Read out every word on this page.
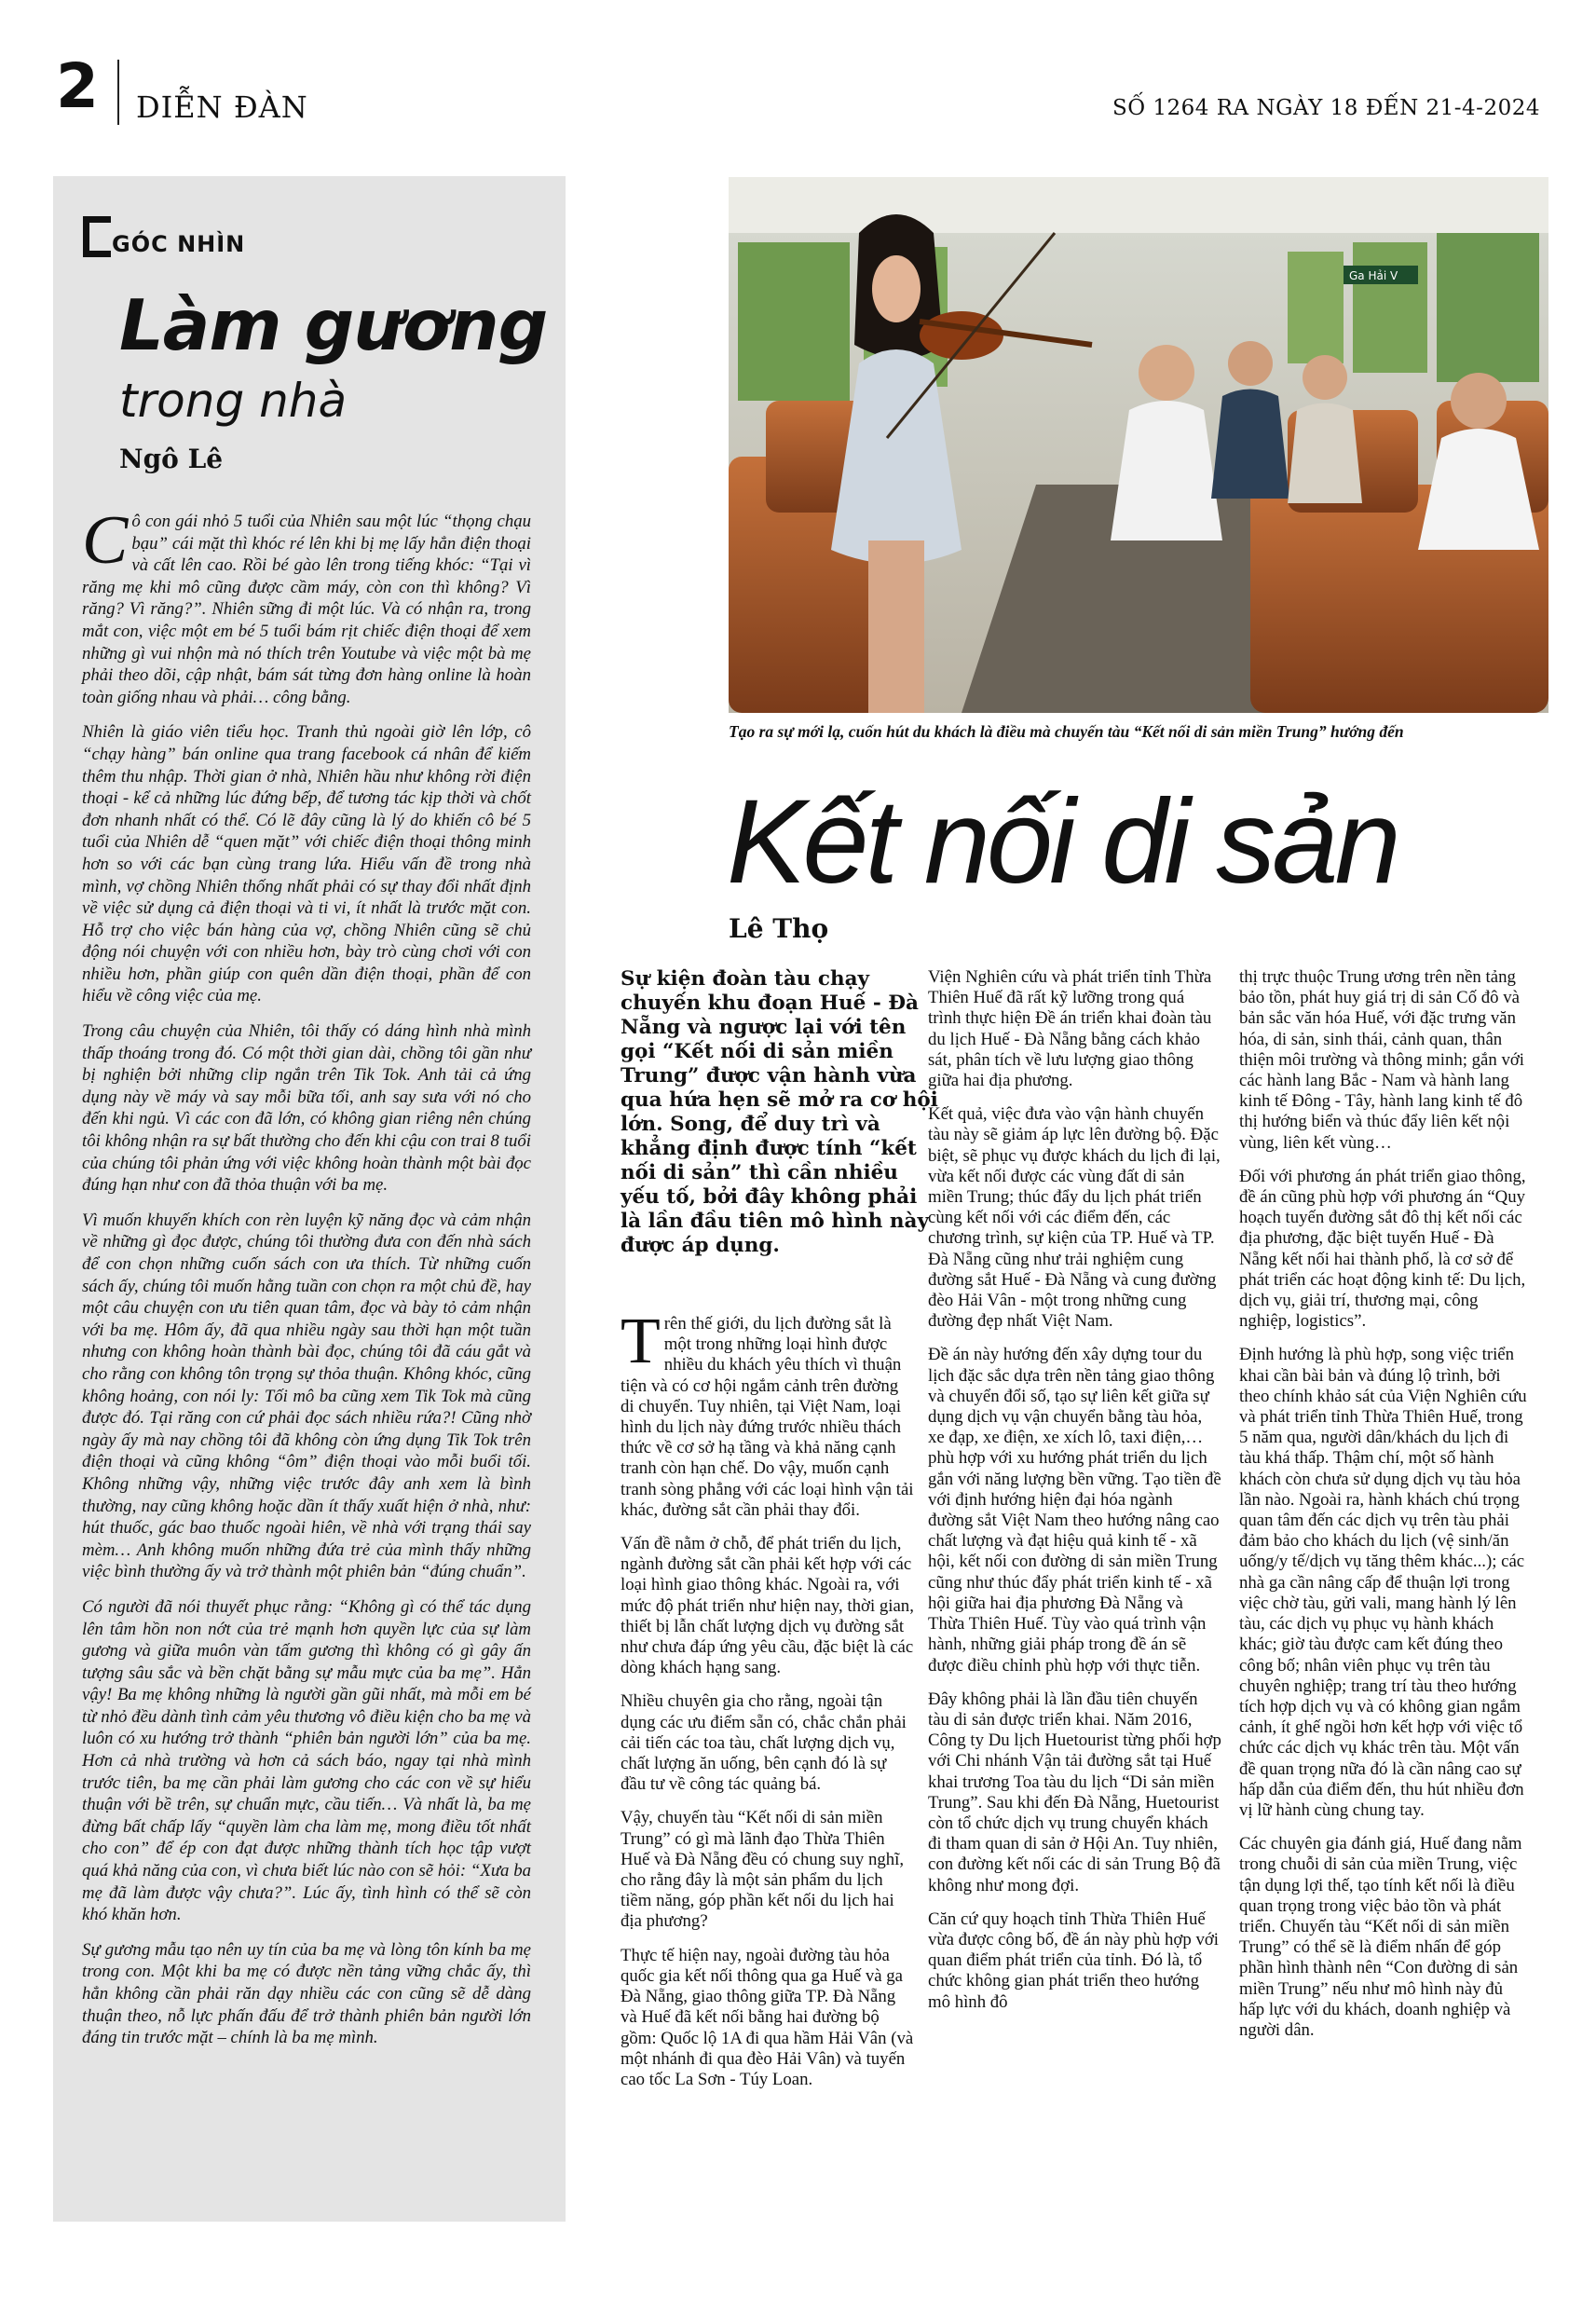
2 DIỄN ĐÀN	SỐ 1264 RA NGÀY 18 ĐẾN 21-4-2024
GÓC NHÌN
Làm gương
trong nhà
Ngô Lê

Cô con gái nhỏ 5 tuổi của Nhiên sau một lúc “thọng chạu bạu” cái mặt thì khóc ré lên khi bị mẹ lấy hẳn điện thoại và cất lên cao. Rồi bé gào lên trong tiếng khóc: “Tại vì răng mẹ khi mô cũng được cầm máy, còn con thì không? Vì răng? Vì răng?”. Nhiên sững đi một lúc. Và có nhận ra, trong mắt con, việc một em bé 5 tuổi bám rịt chiếc điện thoại để xem những gì vui nhộn mà nó thích trên Youtube và việc một bà mẹ phải theo dõi, cập nhật, bám sát từng đơn hàng online là hoàn toàn giống nhau và phải… công bằng.

Nhiên là giáo viên tiểu học. Tranh thủ ngoài giờ lên lớp, cô “chạy hàng” bán online qua trang facebook cá nhân để kiếm thêm thu nhập. Thời gian ở nhà, Nhiên hầu như không rời điện thoại - kể cả những lúc đứng bếp, để tương tác kịp thời và chốt đơn nhanh nhất có thể. Có lẽ đây cũng là lý do khiến cô bé 5 tuổi của Nhiên dễ “quen mặt” với chiếc điện thoại thông minh hơn so với các bạn cùng trang lứa. Hiểu vấn đề trong nhà mình, vợ chồng Nhiên thống nhất phải có sự thay đổi nhất định về việc sử dụng cả điện thoại và ti vi, ít nhất là trước mặt con. Hỗ trợ cho việc bán hàng của vợ, chồng Nhiên cũng sẽ chủ động nói chuyện với con nhiều hơn, bày trò cùng chơi với con nhiều hơn, phần giúp con quên dần điện thoại, phần để con hiểu về công việc của mẹ.

Trong câu chuyện của Nhiên, tôi thấy có dáng hình nhà mình thấp thoáng trong đó. Có một thời gian dài, chồng tôi gần như bị nghiện bởi những clip ngắn trên Tik Tok. Anh tải cả ứng dụng này về máy và say mỗi bữa tối, anh say sưa với nó cho đến khi ngủ. Vì các con đã lớn, có không gian riêng nên chúng tôi không nhận ra sự bất thường cho đến khi cậu con trai 8 tuổi của chúng tôi phản ứng với việc không hoàn thành một bài đọc đúng hạn như con đã thỏa thuận với ba mẹ.

Vì muốn khuyến khích con rèn luyện kỹ năng đọc và cảm nhận về những gì đọc được, chúng tôi thường đưa con đến nhà sách để con chọn những cuốn sách con ưa thích. Từ những cuốn sách ấy, chúng tôi muốn hằng tuần con chọn ra một chủ đề, hay một câu chuyện con ưu tiên quan tâm, đọc và bày tỏ cảm nhận với ba mẹ. Hôm ấy, đã qua nhiều ngày sau thời hạn một tuần nhưng con không hoàn thành bài đọc, chúng tôi đã cáu gắt và cho rằng con không tôn trọng sự thỏa thuận. Không khóc, cũng không hoảng, con nói ly: Tối mô ba cũng xem Tik Tok mà cũng được đó. Tại răng con cứ phải đọc sách nhiều rứa?! Cũng nhờ ngày ấy mà nay chồng tôi đã không còn ứng dụng Tik Tok trên điện thoại và cũng không “ôm” điện thoại vào mỗi buổi tối. Không những vậy, những việc trước đây anh xem là bình thường, nay cũng không hoặc dần ít thấy xuất hiện ở nhà, như: hút thuốc, gác bao thuốc ngoài hiên, về nhà với trạng thái say mèm… Anh không muốn những đứa trẻ của mình thấy những việc bình thường ấy và trở thành một phiên bản “đúng chuẩn”.

Có người đã nói thuyết phục rằng: “Không gì có thể tác dụng lên tâm hồn non nớt của trẻ mạnh hơn quyền lực của sự làm gương và giữa muôn vàn tấm gương thì không có gì gây ấn tượng sâu sắc và bền chặt bằng sự mẫu mực của ba mẹ”. Hẳn vậy! Ba mẹ không những là người gần gũi nhất, mà mỗi em bé từ nhỏ đều dành tình cảm yêu thương vô điều kiện cho ba mẹ và luôn có xu hướng trở thành “phiên bản người lớn” của ba mẹ. Hơn cả nhà trường và hơn cả sách báo, ngay tại nhà mình trước tiên, ba mẹ cần phải làm gương cho các con về sự hiểu thuận với bề trên, sự chuẩn mực, cầu tiến… Và nhất là, ba mẹ đừng bất chấp lấy “quyền làm cha làm mẹ, mong điều tốt nhất cho con” để ép con đạt được những thành tích học tập vượt quá khả năng của con, vì chưa biết lúc nào con sẽ hỏi: “Xưa ba mẹ đã làm được vậy chưa?”. Lúc ấy, tình hình có thể sẽ còn khó khăn hơn.

Sự gương mẫu tạo nên uy tín của ba mẹ và lòng tôn kính ba mẹ trong con. Một khi ba mẹ có được nền tảng vững chắc ấy, thì hẳn không cần phải răn dạy nhiều các con cũng sẽ dễ dàng thuận theo, nỗ lực phấn đấu để trở thành phiên bản người lớn đáng tin trước mặt – chính là ba mẹ mình.

Ga Hải V
Tạo ra sự mới lạ, cuốn hút du khách là điều mà chuyến tàu “Kết nối di sản miền Trung” hướng đến
Kết nối di sản
Lê Thọ
Sự kiện đoàn tàu chạy chuyến khu đoạn Huế - Đà Nẵng và ngược lại với tên gọi “Kết nối di sản miền Trung” được vận hành vừa qua hứa hẹn sẽ mở ra cơ hội lớn. Song, để duy trì và khẳng định được tính “kết nối di sản” thì cần nhiều yếu tố, bởi đây không phải là lần đầu tiên mô hình này được áp dụng.

Trên thế giới, du lịch đường sắt là một trong những loại hình được nhiều du khách yêu thích vì thuận tiện và có cơ hội ngắm cảnh trên đường di chuyển. Tuy nhiên, tại Việt Nam, loại hình du lịch này đứng trước nhiều thách thức về cơ sở hạ tầng và khả năng cạnh tranh còn hạn chế. Do vậy, muốn cạnh tranh sòng phẳng với các loại hình vận tải khác, đường sắt cần phải thay đổi.

Vấn đề nằm ở chỗ, để phát triển du lịch, ngành đường sắt cần phải kết hợp với các loại hình giao thông khác. Ngoài ra, với mức độ phát triển như hiện nay, thời gian, thiết bị lẫn chất lượng dịch vụ đường sắt như chưa đáp ứng yêu cầu, đặc biệt là các dòng khách hạng sang.

Nhiều chuyên gia cho rằng, ngoài tận dụng các ưu điểm sẵn có, chắc chắn phải cải tiến các toa tàu, chất lượng dịch vụ, chất lượng ăn uống, bên cạnh đó là sự đầu tư về công tác quảng bá.

Vậy, chuyến tàu “Kết nối di sản miền Trung” có gì mà lãnh đạo Thừa Thiên Huế và Đà Nẵng đều có chung suy nghĩ, cho rằng đây là một sản phẩm du lịch tiềm năng, góp phần kết nối du lịch hai địa phương?

Thực tế hiện nay, ngoài đường tàu hỏa quốc gia kết nối thông qua ga Huế và ga Đà Nẵng, giao thông giữa TP. Đà Nẵng và Huế đã kết nối bằng hai đường bộ gồm: Quốc lộ 1A đi qua hầm Hải Vân (và một nhánh đi qua đèo Hải Vân) và tuyến cao tốc La Sơn - Túy Loan.

Viện Nghiên cứu và phát triển tỉnh Thừa Thiên Huế đã rất kỹ lưỡng trong quá trình thực hiện Đề án triển khai đoàn tàu du lịch Huế - Đà Nẵng bằng cách khảo sát, phân tích về lưu lượng giao thông giữa hai địa phương.

Kết quả, việc đưa vào vận hành chuyến tàu này sẽ giảm áp lực lên đường bộ. Đặc biệt, sẽ phục vụ được khách du lịch đi lại, vừa kết nối được các vùng đất di sản miền Trung; thúc đẩy du lịch phát triển cùng kết nối với các điểm đến, các chương trình, sự kiện của TP. Huế và TP. Đà Nẵng cũng như trải nghiệm cung đường sắt Huế - Đà Nẵng và cung đường đèo Hải Vân - một trong những cung đường đẹp nhất Việt Nam.

Đề án này hướng đến xây dựng tour du lịch đặc sắc dựa trên nền tảng giao thông và chuyển đổi số, tạo sự liên kết giữa sự dụng dịch vụ vận chuyển bằng tàu hỏa, xe đạp, xe điện, xe xích lô, taxi điện,… phù hợp với xu hướng phát triển du lịch gắn với năng lượng bền vững. Tạo tiền đề với định hướng hiện đại hóa ngành đường sắt Việt Nam theo hướng nâng cao chất lượng và đạt hiệu quả kinh tế - xã hội, kết nối con đường di sản miền Trung cũng như thúc đẩy phát triển kinh tế - xã hội giữa hai địa phương Đà Nẵng và Thừa Thiên Huế. Tùy vào quá trình vận hành, những giải pháp trong đề án sẽ được điều chỉnh phù hợp với thực tiễn.

Đây không phải là lần đầu tiên chuyến tàu di sản được triển khai. Năm 2016, Công ty Du lịch Huetourist từng phối hợp với Chi nhánh Vận tải đường sắt tại Huế khai trương Toa tàu du lịch “Di sản miền Trung”. Sau khi đến Đà Nẵng, Huetourist còn tổ chức dịch vụ trung chuyển khách đi tham quan di sản ở Hội An. Tuy nhiên, con đường kết nối các di sản Trung Bộ đã không như mong đợi.

Căn cứ quy hoạch tỉnh Thừa Thiên Huế vừa được công bố, đề án này phù hợp với quan điểm phát triển của tỉnh. Đó là, tổ chức không gian phát triển theo hướng mô hình đô

thị trực thuộc Trung ương trên nền tảng bảo tồn, phát huy giá trị di sản Cố đô và bản sắc văn hóa Huế, với đặc trưng văn hóa, di sản, sinh thái, cảnh quan, thân thiện môi trường và thông minh; gắn với các hành lang Bắc - Nam và hành lang kinh tế Đông - Tây, hành lang kinh tế đô thị hướng biển và thúc đẩy liên kết nội vùng, liên kết vùng…

Đối với phương án phát triển giao thông, đề án cũng phù hợp với phương án “Quy hoạch tuyến đường sắt đô thị kết nối các địa phương, đặc biệt tuyến Huế - Đà Nẵng kết nối hai thành phố, là cơ sở để phát triển các hoạt động kinh tế: Du lịch, dịch vụ, giải trí, thương mại, công nghiệp, logistics”.

Định hướng là phù hợp, song việc triển khai cần bài bản và đúng lộ trình, bởi theo chính khảo sát của Viện Nghiên cứu và phát triển tỉnh Thừa Thiên Huế, trong 5 năm qua, người dân/khách du lịch đi tàu khá thấp. Thậm chí, một số hành khách còn chưa sử dụng dịch vụ tàu hỏa lần nào. Ngoài ra, hành khách chú trọng quan tâm đến các dịch vụ trên tàu phải đảm bảo cho khách du lịch (vệ sinh/ăn uống/y tế/dịch vụ tăng thêm khác...); các nhà ga cần nâng cấp để thuận lợi trong việc chờ tàu, gửi vali, mang hành lý lên tàu, các dịch vụ phục vụ hành khách khác; giờ tàu được cam kết đúng theo công bố; nhân viên phục vụ trên tàu chuyên nghiệp; trang trí tàu theo hướng tích hợp dịch vụ và có không gian ngắm cảnh, ít ghế ngồi hơn kết hợp với việc tổ chức các dịch vụ khác trên tàu. Một vấn đề quan trọng nữa đó là cần nâng cao sự hấp dẫn của điểm đến, thu hút nhiều đơn vị lữ hành cùng chung tay.

Các chuyên gia đánh giá, Huế đang nằm trong chuỗi di sản của miền Trung, việc tận dụng lợi thế, tạo tính kết nối là điều quan trọng trong việc bảo tồn và phát triển. Chuyến tàu “Kết nối di sản miền Trung” có thể sẽ là điểm nhấn để góp phần hình thành nên “Con đường di sản miền Trung” nếu như mô hình này đủ hấp lực với du khách, doanh nghiệp và người dân.
